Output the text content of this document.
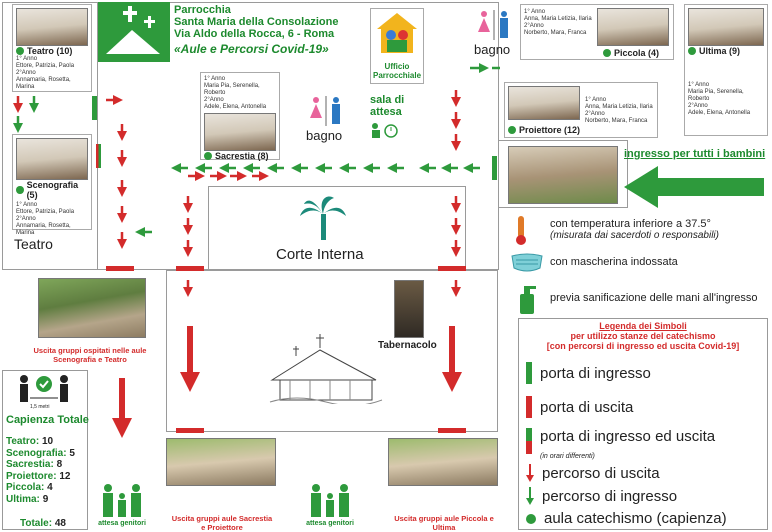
Parrocchia
Santa Maria della Consolazione
Via Aldo della Rocca, 6 - Roma
«Aule e Percorsi Covid-19»
Teatro (10)
1° Anno
Ettore, Patrizia, Paola
2°Anno
Annamaria, Rosetta, Marina
Scenografia (5)
1° Anno
Ettore, Patrizia, Paola
2°Anno
Annamaria, Rosetta, Marina
1° Anno
Maria Pia, Serenella, Roberto
2°Anno
Adele, Elena, Antonella
Sacrestia (8)
1° Anno
Anna, Maria Letizia, Ilaria
2°Anno
Norberto, Mara, Franca
Piccola (4)	Ultima (9)
1° Anno
Maria Pia, Serenella, Roberto
2°Anno
Adele, Elena, Antonella
Proiettore (12)
1° Anno
Anna, Maria Letizia, Ilaria
2°Anno
Norberto, Mara, Franca
Teatro
bagno
bagno
Ufficio Parrocchiale
sala di attesa
Corte Interna
Tabernacolo
ingresso per tutti i bambini
con temperatura inferiore a 37.5°
(misurata dai sacerdoti o responsabili)
con mascherina indossata
previa sanificazione delle mani all'ingresso
Legenda dei Simboli
per utilizzo stanze del catechismo
[con percorsi di ingresso ed uscita Covid-19]
porta di ingresso
porta di uscita
porta di ingresso ed uscita
(in orari differenti)
percorso di uscita
percorso di ingresso
aula catechismo (capienza)
1,5 metri
Capienza Totale
Teatro: 10
Scenografia: 5
Sacrestia: 8
Proiettore: 12
Piccola: 4
Ultima: 9
Totale: 48
Uscita gruppi ospitati nelle aule Scenografia e Teatro
Uscita gruppi aule Sacrestia e Proiettore
Uscita gruppi aule Piccola e Ultima
attesa genitori	attesa genitori
